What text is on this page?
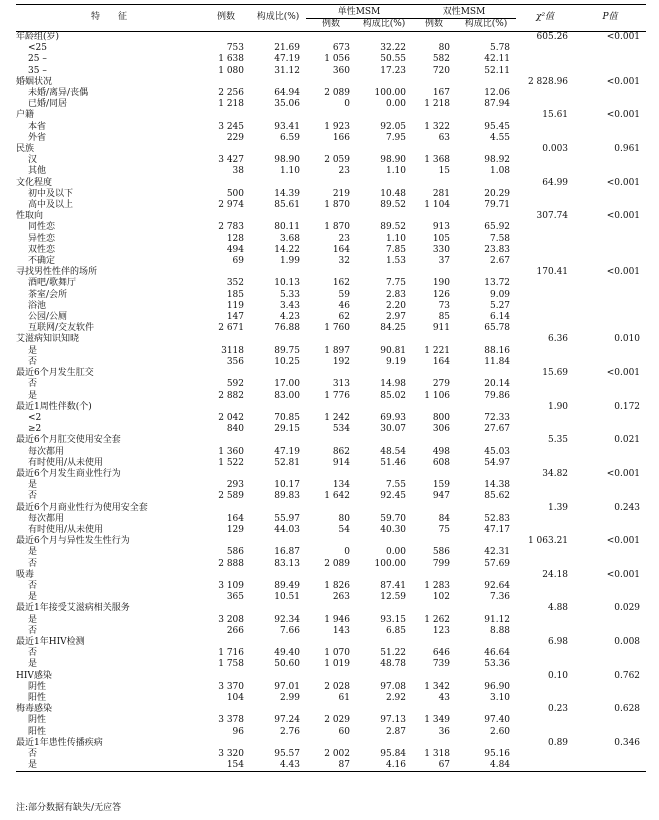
特　　征	例数	构成比(%)	单性MSM		双性MSM		χ²值	P值
			例数	构成比(%)	例数	构成比(%)		
年龄组(岁)							605.26	<0.001
<25	753	21.69	673	32.22	80	5.78		
25 –	1 638	47.19	1 056	50.55	582	42.11		
35 –	1 080	31.12	360	17.23	720	52.11		
婚姻状况							2 828.96	<0.001
未婚/离异/丧偶	2 256	64.94	2 089	100.00	167	12.06		
已婚/同居	1 218	35.06	0	0.00	1 218	87.94		
户籍							15.61	<0.001
本省	3 245	93.41	1 923	92.05	1 322	95.45		
外省	229	6.59	166	7.95	63	4.55		
民族							0.003	0.961
汉	3 427	98.90	2 059	98.90	1 368	98.92		
其他	38	1.10	23	1.10	15	1.08		
文化程度							64.99	<0.001
初中及以下	500	14.39	219	10.48	281	20.29		
高中及以上	2 974	85.61	1 870	89.52	1 104	79.71		
性取向							307.74	<0.001
同性恋	2 783	80.11	1 870	89.52	913	65.92		
异性恋	128	3.68	23	1.10	105	7.58		
双性恋	494	14.22	164	7.85	330	23.83		
不确定	69	1.99	32	1.53	37	2.67		
寻找男性性伴的场所							170.41	<0.001
酒吧/歌舞厅	352	10.13	162	7.75	190	13.72		
茶室/会所	185	5.33	59	2.83	126	9.09		
浴池	119	3.43	46	2.20	73	5.27		
公园/公厕	147	4.23	62	2.97	85	6.14		
互联网/交友软件	2 671	76.88	1 760	84.25	911	65.78		
艾滋病知识知晓							6.36	0.010
是	3118	89.75	1 897	90.81	1 221	88.16		
否	356	10.25	192	9.19	164	11.84		
最近6个月发生肛交							15.69	<0.001
否	592	17.00	313	14.98	279	20.14		
是	2 882	83.00	1 776	85.02	1 106	79.86		
最近1周性伴数(个)							1.90	0.172
<2	2 042	70.85	1 242	69.93	800	72.33		
≥2	840	29.15	534	30.07	306	27.67		
最近6个月肛交使用安全套							5.35	0.021
每次都用	1 360	47.19	862	48.54	498	45.03		
有时使用/从未使用	1 522	52.81	914	51.46	608	54.97		
最近6个月发生商业性行为							34.82	<0.001
是	293	10.17	134	7.55	159	14.38		
否	2 589	89.83	1 642	92.45	947	85.62		
最近6个月商业性行为使用安全套							1.39	0.243
每次都用	164	55.97	80	59.70	84	52.83		
有时使用/从未使用	129	44.03	54	40.30	75	47.17		
最近6个月与异性发生性行为							1 063.21	<0.001
是	586	16.87	0	0.00	586	42.31		
否	2 888	83.13	2 089	100.00	799	57.69		
吸毒							24.18	<0.001
否	3 109	89.49	1 826	87.41	1 283	92.64		
是	365	10.51	263	12.59	102	7.36		
最近1年接受艾滋病相关服务							4.88	0.029
是	3 208	92.34	1 946	93.15	1 262	91.12		
否	266	7.66	143	6.85	123	8.88		
最近1年HIV检测							6.98	0.008
否	1 716	49.40	1 070	51.22	646	46.64		
是	1 758	50.60	1 019	48.78	739	53.36		
HIV感染							0.10	0.762
阴性	3 370	97.01	2 028	97.08	1 342	96.90		
阳性	104	2.99	61	2.92	43	3.10		
梅毒感染							0.23	0.628
阴性	3 378	97.24	2 029	97.13	1 349	97.40		
阳性	96	2.76	60	2.87	36	2.60		
最近1年患性传播疾病							0.89	0.346
否	3 320	95.57	2 002	95.84	1 318	95.16		
是	154	4.43	87	4.16	67	4.84		
注:部分数据有缺失/无应答
